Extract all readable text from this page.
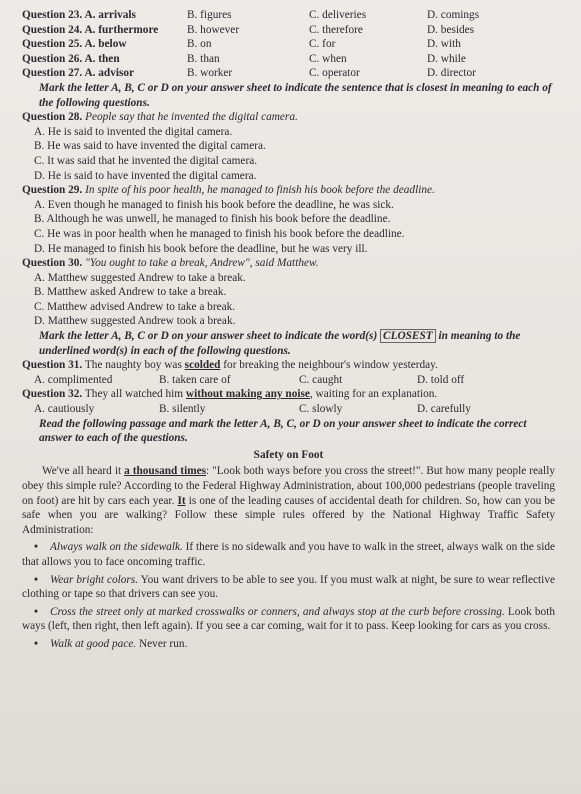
Question 23. A. arrivals	B. figures	C. deliveries	D. comings
Question 24. A. furthermore	B. however	C. therefore	D. besides
Question 25. A. below	B. on	C. for	D. with
Question 26. A. then	B. than	C. when	D. while
Question 27. A. advisor	B. worker	C. operator	D. director
Mark the letter A, B, C or D on your answer sheet to indicate the sentence that is closest in meaning to each of the following questions.
Question 28. People say that he invented the digital camera.
A. He is said to invented the digital camera.
B. He was said to have invented the digital camera.
C. It was said that he invented the digital camera.
D. He is said to have invented the digital camera.
Question 29. In spite of his poor health, he managed to finish his book before the deadline.
A. Even though he managed to finish his book before the deadline, he was sick.
B. Although he was unwell, he managed to finish his book before the deadline.
C. He was in poor health when he managed to finish his book before the deadline.
D. He managed to finish his book before the deadline, but he was very ill.
Question 30. "You ought to take a break, Andrew", said Matthew.
A. Matthew suggested Andrew to take a break.
B. Matthew asked Andrew to take a break.
C. Matthew advised Andrew to take a break.
D. Matthew suggested Andrew took a break.
Mark the letter A, B, C or D on your answer sheet to indicate the word(s) CLOSEST in meaning to the underlined word(s) in each of the following questions.
Question 31. The naughty boy was scolded for breaking the neighbour's window yesterday.
A. complimented	B. taken care of	C. caught	D. told off
Question 32. They all watched him without making any noise, waiting for an explanation.
A. cautiously	B. silently	C. slowly	D. carefully
Read the following passage and mark the letter A, B, C, or D on your answer sheet to indicate the correct answer to each of the questions.
Safety on Foot
We've all heard it a thousand times: "Look both ways before you cross the street!". But how many people really obey this simple rule? According to the Federal Highway Administration, about 100,000 pedestrians (people traveling on foot) are hit by cars each year. It is one of the leading causes of accidental death for children. So, how can you be safe when you are walking? Follow these simple rules offered by the National Highway Traffic Safety Administration:
• Always walk on the sidewalk. If there is no sidewalk and you have to walk in the street, always walk on the side that allows you to face oncoming traffic.
• Wear bright colors. You want drivers to be able to see you. If you must walk at night, be sure to wear reflective clothing or tape so that drivers can see you.
• Cross the street only at marked crosswalks or conners, and always stop at the curb before crossing. Look both ways (left, then right, then left again). If you see a car coming, wait for it to pass. Keep looking for cars as you cross.
• Walk at good pace. Never run.
